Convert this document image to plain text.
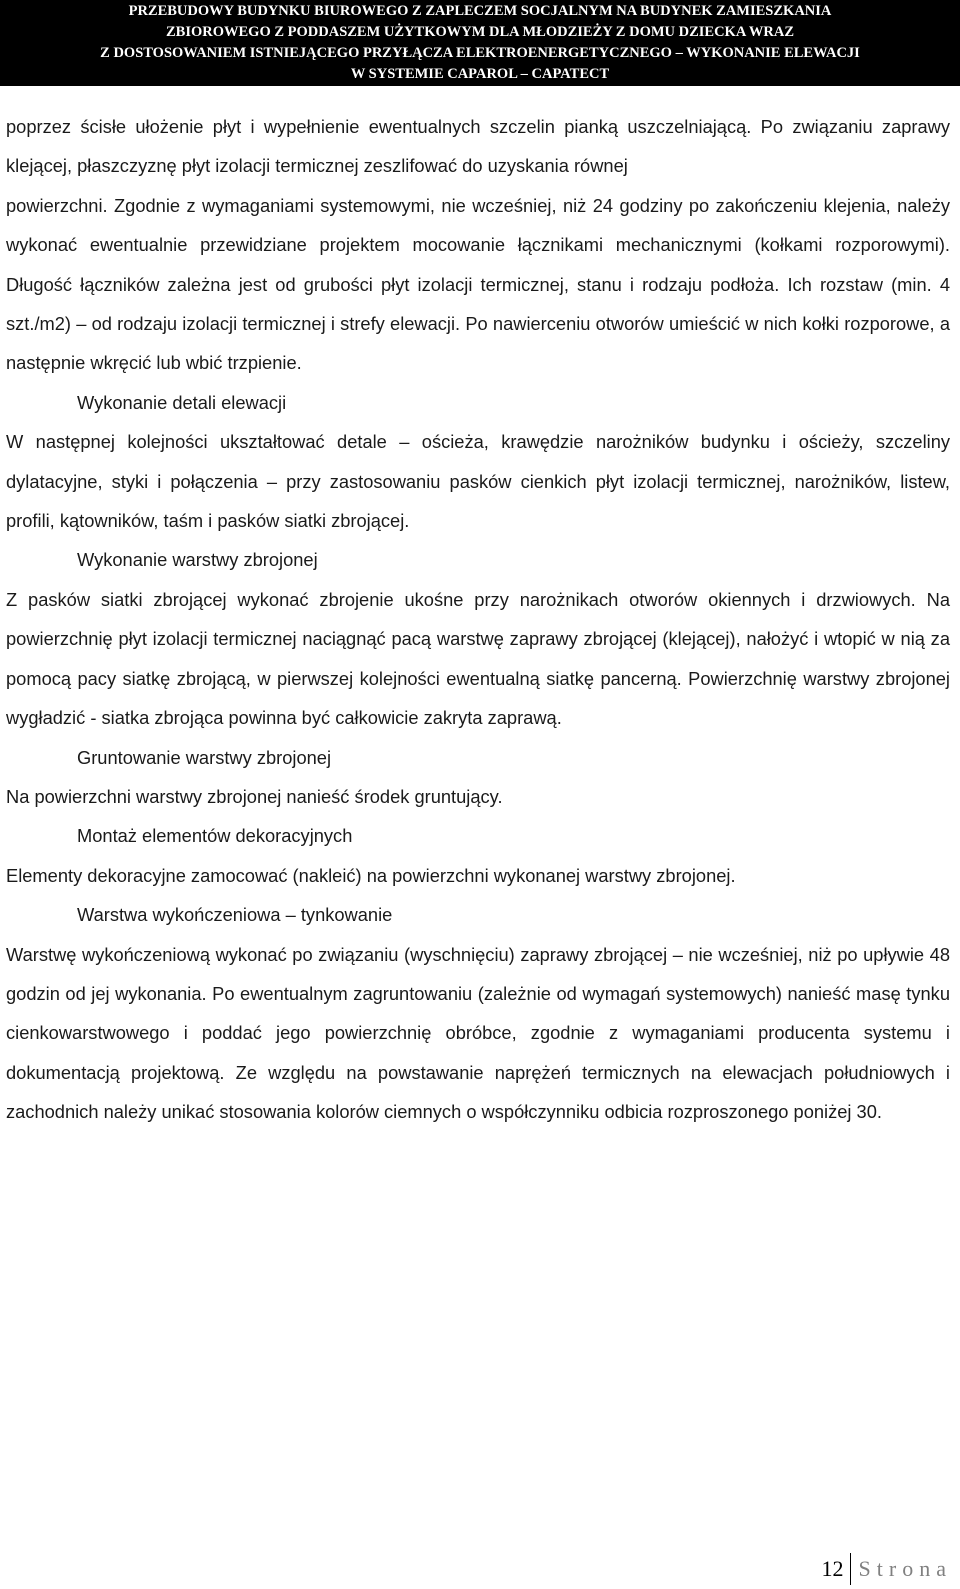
PRZEBUDOWY BUDYNKU BIUROWEGO Z ZAPLECZEM SOCJALNYM NA BUDYNEK ZAMIESZKANIA
ZBIOROWEGO Z PODDASZEM UŻYTKOWYM DLA MŁODZIEŻY Z DOMU DZIECKA WRAZ
Z DOSTOSOWANIEM ISTNIEJĄCEGO PRZYŁĄCZA ELEKTROENERGETYCZNEGO – WYKONANIE ELEWACJI
W SYSTEMIE CAPAROL – CAPATECT

poprzez ścisłe ułożenie płyt i wypełnienie ewentualnych szczelin pianką uszczelniającą. Po związaniu zaprawy klejącej, płaszczyznę płyt izolacji termicznej zeszlifować do uzyskania równej

powierzchni. Zgodnie z wymaganiami systemowymi, nie wcześniej, niż 24 godziny po zakończeniu klejenia, należy wykonać ewentualnie przewidziane projektem mocowanie łącznikami mechanicznymi (kołkami rozporowymi). Długość łączników zależna jest od grubości płyt izolacji termicznej, stanu i rodzaju podłoża. Ich rozstaw (min. 4 szt./m2) – od rodzaju izolacji termicznej i strefy elewacji. Po nawierceniu otworów umieścić w nich kołki rozporowe, a następnie wkręcić lub wbić trzpienie.

Wykonanie detali elewacji

W następnej kolejności ukształtować detale – ościeża, krawędzie narożników budynku i ościeży, szczeliny dylatacyjne, styki i połączenia – przy zastosowaniu pasków cienkich płyt izolacji termicznej, narożników, listew, profili, kątowników, taśm i pasków siatki zbrojącej.

Wykonanie warstwy zbrojonej

Z pasków siatki zbrojącej wykonać zbrojenie ukośne przy narożnikach otworów okiennych i drzwiowych. Na powierzchnię płyt izolacji termicznej naciągnąć pacą warstwę zaprawy zbrojącej (klejącej), nałożyć i wtopić w nią za pomocą pacy siatkę zbrojącą, w pierwszej kolejności ewentualną siatkę pancerną. Powierzchnię warstwy zbrojonej wygładzić - siatka zbrojąca powinna być całkowicie zakryta zaprawą.

Gruntowanie warstwy zbrojonej

Na powierzchni warstwy zbrojonej nanieść środek gruntujący.

Montaż elementów dekoracyjnych

Elementy dekoracyjne zamocować (nakleić) na powierzchni wykonanej warstwy zbrojonej.

Warstwa wykończeniowa – tynkowanie

Warstwę wykończeniową wykonać po związaniu (wyschnięciu) zaprawy zbrojącej – nie wcześniej, niż po upływie 48 godzin od jej wykonania. Po ewentualnym zagruntowaniu (zależnie od wymagań systemowych) nanieść masę tynku cienkowarstwowego i poddać jego powierzchnię obróbce, zgodnie z wymaganiami producenta systemu i dokumentacją projektową. Ze względu na powstawanie naprężeń termicznych na elewacjach południowych i zachodnich należy unikać stosowania kolorów ciemnych o współczynniku odbicia rozproszonego poniżej 30.

12 Strona
